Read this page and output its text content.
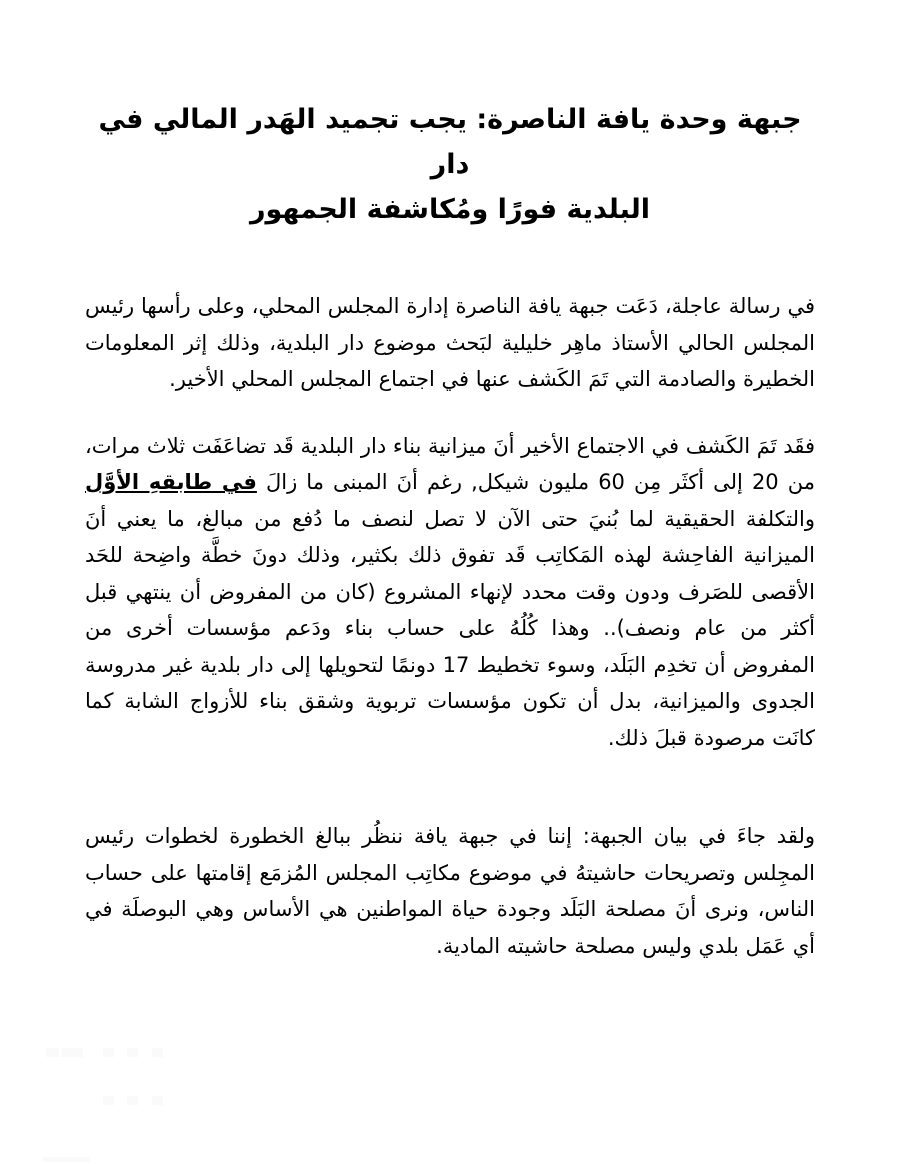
جبهة وحدة يافة الناصرة: يجب تجميد الهَدر المالي في دار
البلدية فورًا ومُكاشفة الجمهور

في رسالة عاجلة، دَعَت جبهة يافة الناصرة إدارة المجلس المحلي، وعلى رأسها رئيس المجلس الحالي الأستاذ ماهِر خليلية لبَحث موضوع دار البلدية، وذلك إثر المعلومات الخطيرة والصادمة التي تَمَ الكَشف عنها في اجتماع المجلس المحلي الأخير.

فقَد تَمَ الكَشف في الاجتماع الأخير أنَ ميزانية بناء دار البلدية قَد تضاعَفَت ثلاث مرات، من 20 إلى أكثَر مِن 60 مليون شيكل, رغم أنَ المبنى ما زالَ في طابقهِ الأوَّل والتكلفة الحقيقية لما بُنيَ حتى الآن لا تصل لنصف ما دُفع من مبالغ، ما يعني أنَ الميزانية الفاحِشة لهذه المَكاتِب قَد تفوق ذلك بكثير، وذلك دونَ خطَّة واضِحة للحَد الأقصى للصَرف ودون وقت محدد لإنهاء المشروع (كان من المفروض أن ينتهي قبل أكثر من عام ونصف).. وهذا كُلُهُ على حساب بناء ودَعم مؤسسات أخرى من المفروض أن تخدِم البَلَد، وسوء تخطيط 17 دونمًا لتحويلها إلى دار بلدية غير مدروسة الجدوى والميزانية، بدل أن تكون مؤسسات تربوية وشقق بناء للأزواج الشابة كما كانَت مرصودة قبلَ ذلك.

ولقد جاءَ في بيان الجبهة: إننا في جبهة يافة ننظُر ببالغ الخطورة لخطوات رئيس المجِلس وتصريحات حاشيتهُ في موضوع مكاتِب المجلس المُزمَع إقامتها على حساب الناس، ونرى أنَ مصلحة البَلَد وجودة حياة المواطنين هي الأساس وهي البوصلَة في أي عَمَل بلدي وليس مصلحة حاشيته المادية.
